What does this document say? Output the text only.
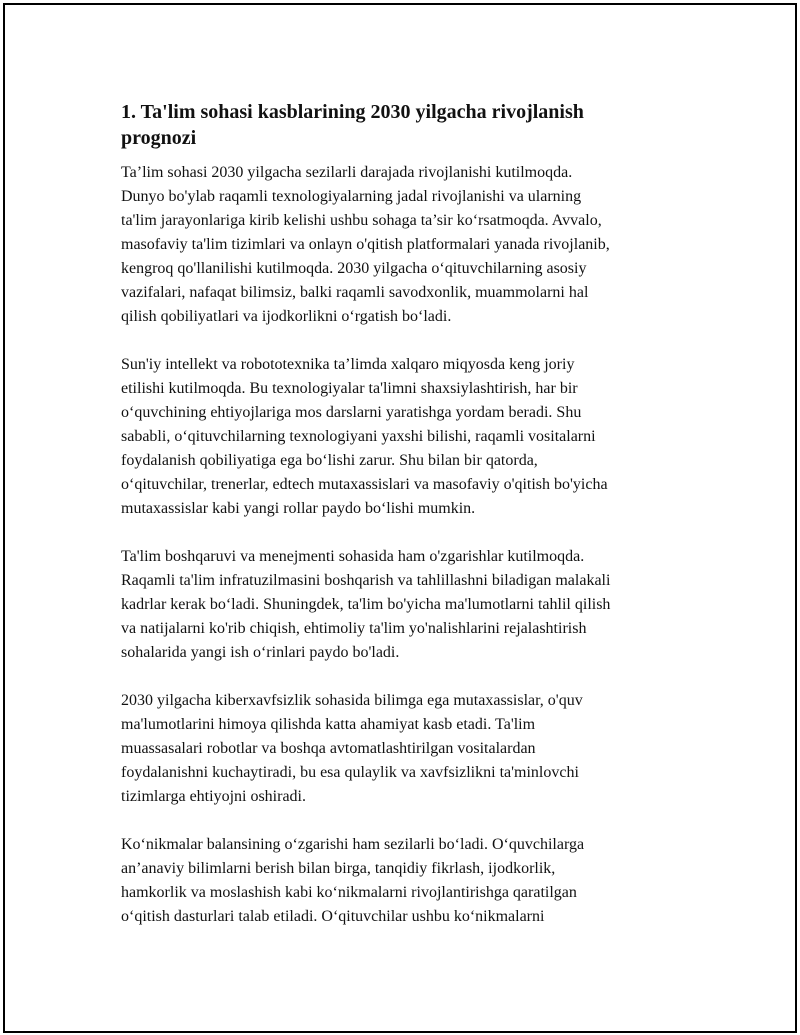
1. Ta'lim sohasi kasblarining 2030 yilgacha rivojlanish
prognozi
Ta’lim sohasi 2030 yilgacha sezilarli darajada rivojlanishi kutilmoqda.
Dunyo bo'ylab raqamli texnologiyalarning jadal rivojlanishi va ularning
ta'lim jarayonlariga kirib kelishi ushbu sohaga ta’sir ko‘rsatmoqda. Avvalo,
masofaviy ta'lim tizimlari va onlayn o'qitish platformalari yanada rivojlanib,
kengroq qo'llanilishi kutilmoqda. 2030 yilgacha o‘qituvchilarning asosiy
vazifalari, nafaqat bilimsiz, balki raqamli savodxonlik, muammolarni hal
qilish qobiliyatlari va ijodkorlikni o‘rgatish bo‘ladi.
Sun'iy intellekt va robototexnika ta’limda xalqaro miqyosda keng joriy
etilishi kutilmoqda. Bu texnologiyalar ta'limni shaxsiylashtirish, har bir
o‘quvchining ehtiyojlariga mos darslarni yaratishga yordam beradi. Shu
sababli, o‘qituvchilarning texnologiyani yaxshi bilishi, raqamli vositalarni
foydalanish qobiliyatiga ega bo‘lishi zarur. Shu bilan bir qatorda,
o‘qituvchilar, trenerlar, edtech mutaxassislari va masofaviy o'qitish bo'yicha
mutaxassislar kabi yangi rollar paydo bo‘lishi mumkin.
Ta'lim boshqaruvi va menejmenti sohasida ham o'zgarishlar kutilmoqda.
Raqamli ta'lim infratuzilmasini boshqarish va tahlillashni biladigan malakali
kadrlar kerak bo‘ladi. Shuningdek, ta'lim bo'yicha ma'lumotlarni tahlil qilish
va natijalarni ko'rib chiqish, ehtimoliy ta'lim yo'nalishlarini rejalashtirish
sohalarida yangi ish o‘rinlari paydo bo'ladi.
2030 yilgacha kiberxavfsizlik sohasida bilimga ega mutaxassislar, o'quv
ma'lumotlarini himoya qilishda katta ahamiyat kasb etadi. Ta'lim
muassasalari robotlar va boshqa avtomatlashtirilgan vositalardan
foydalanishni kuchaytiradi, bu esa qulaylik va xavfsizlikni ta'minlovchi
tizimlarga ehtiyojni oshiradi.
Ko‘nikmalar balansining o‘zgarishi ham sezilarli bo‘ladi. O‘quvchilarga
an’anaviy bilimlarni berish bilan birga, tanqidiy fikrlash, ijodkorlik,
hamkorlik va moslashish kabi ko‘nikmalarni rivojlantirishga qaratilgan
o‘qitish dasturlari talab etiladi. O‘qituvchilar ushbu ko‘nikmalarni
